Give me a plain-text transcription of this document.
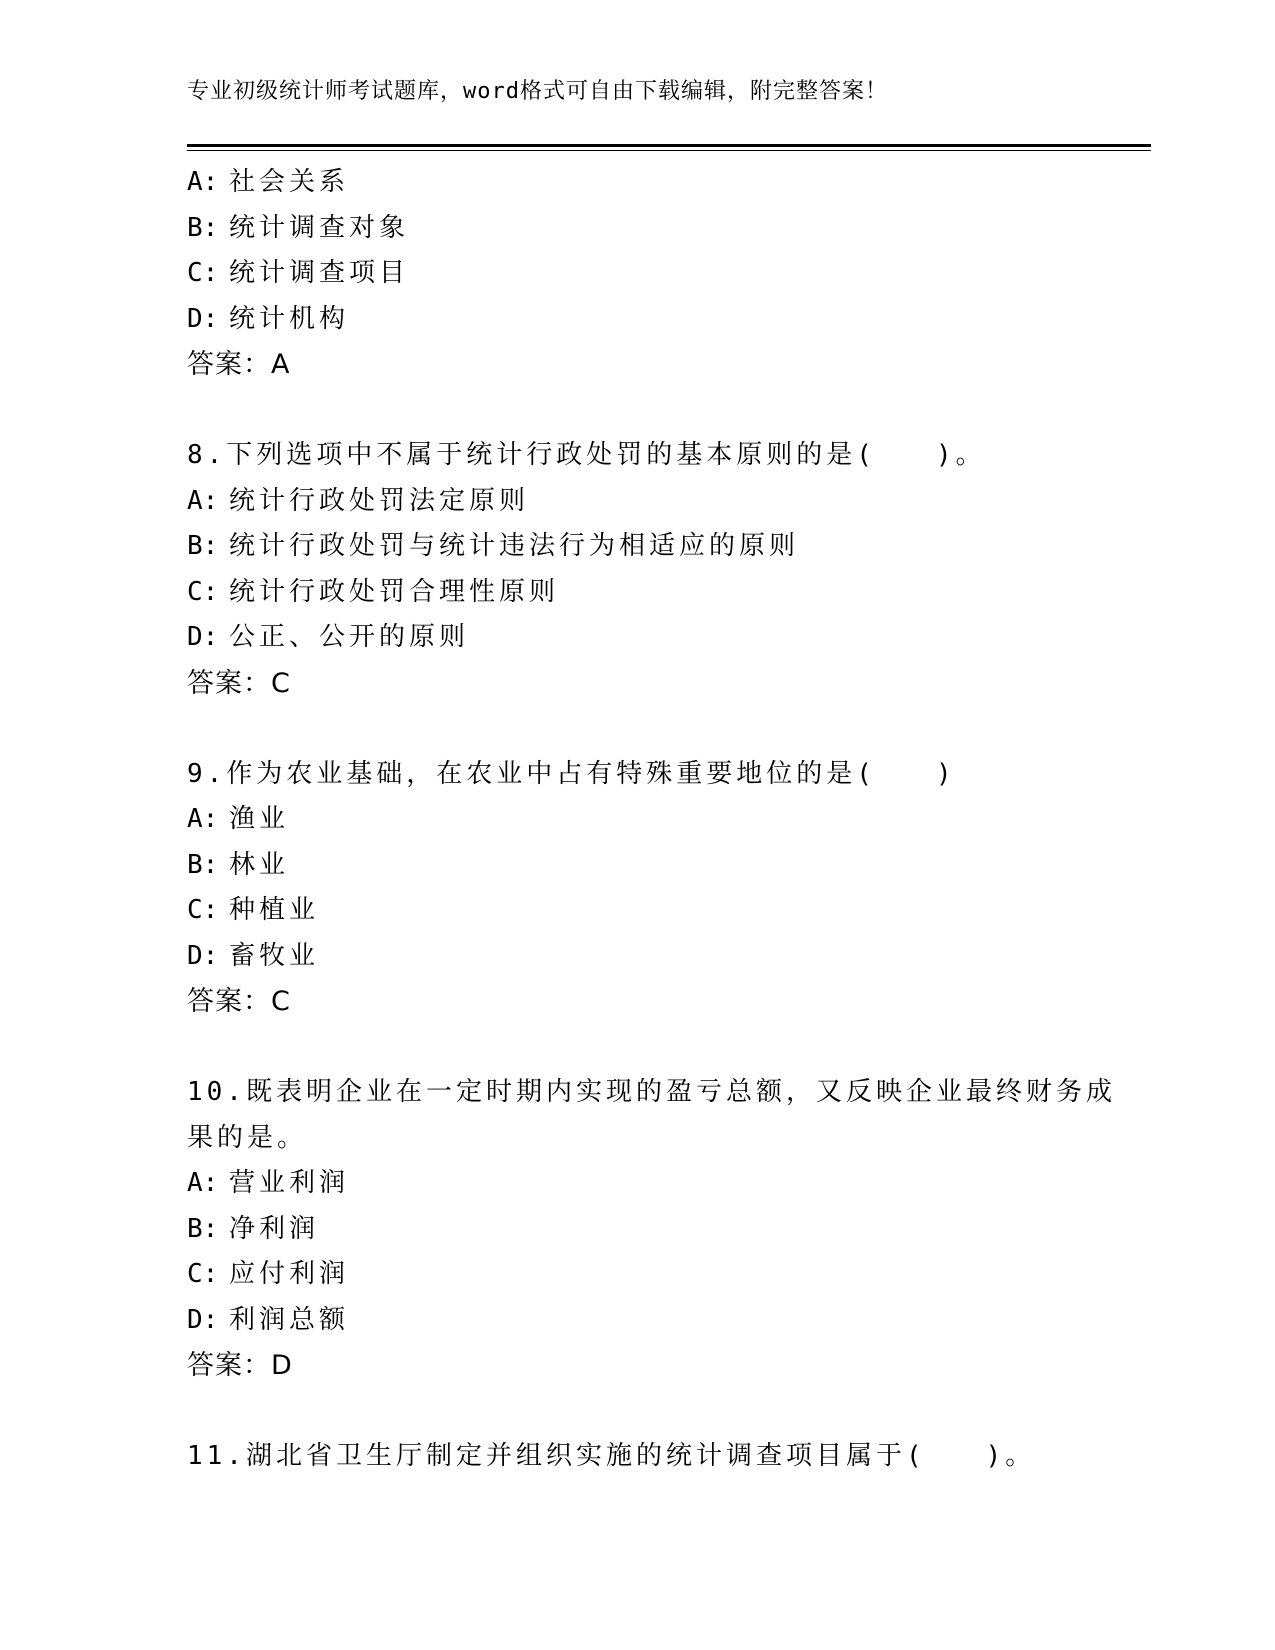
专业初级统计师考试题库，word格式可自由下载编辑，附完整答案！
A: 社会关系
B: 统计调查对象
C: 统计调查项目
D: 统计机构
答案：A
8.下列选项中不属于统计行政处罚的基本原则的是(　　)。
A: 统计行政处罚法定原则
B: 统计行政处罚与统计违法行为相适应的原则
C: 统计行政处罚合理性原则
D: 公正、公开的原则
答案：C
9.作为农业基础，在农业中占有特殊重要地位的是(　　)
A: 渔业
B: 林业
C: 种植业
D: 畜牧业
答案：C
10.既表明企业在一定时期内实现的盈亏总额，又反映企业最终财务成
果的是。
A: 营业利润
B: 净利润
C: 应付利润
D: 利润总额
答案：D
11.湖北省卫生厅制定并组织实施的统计调查项目属于(　　)。
